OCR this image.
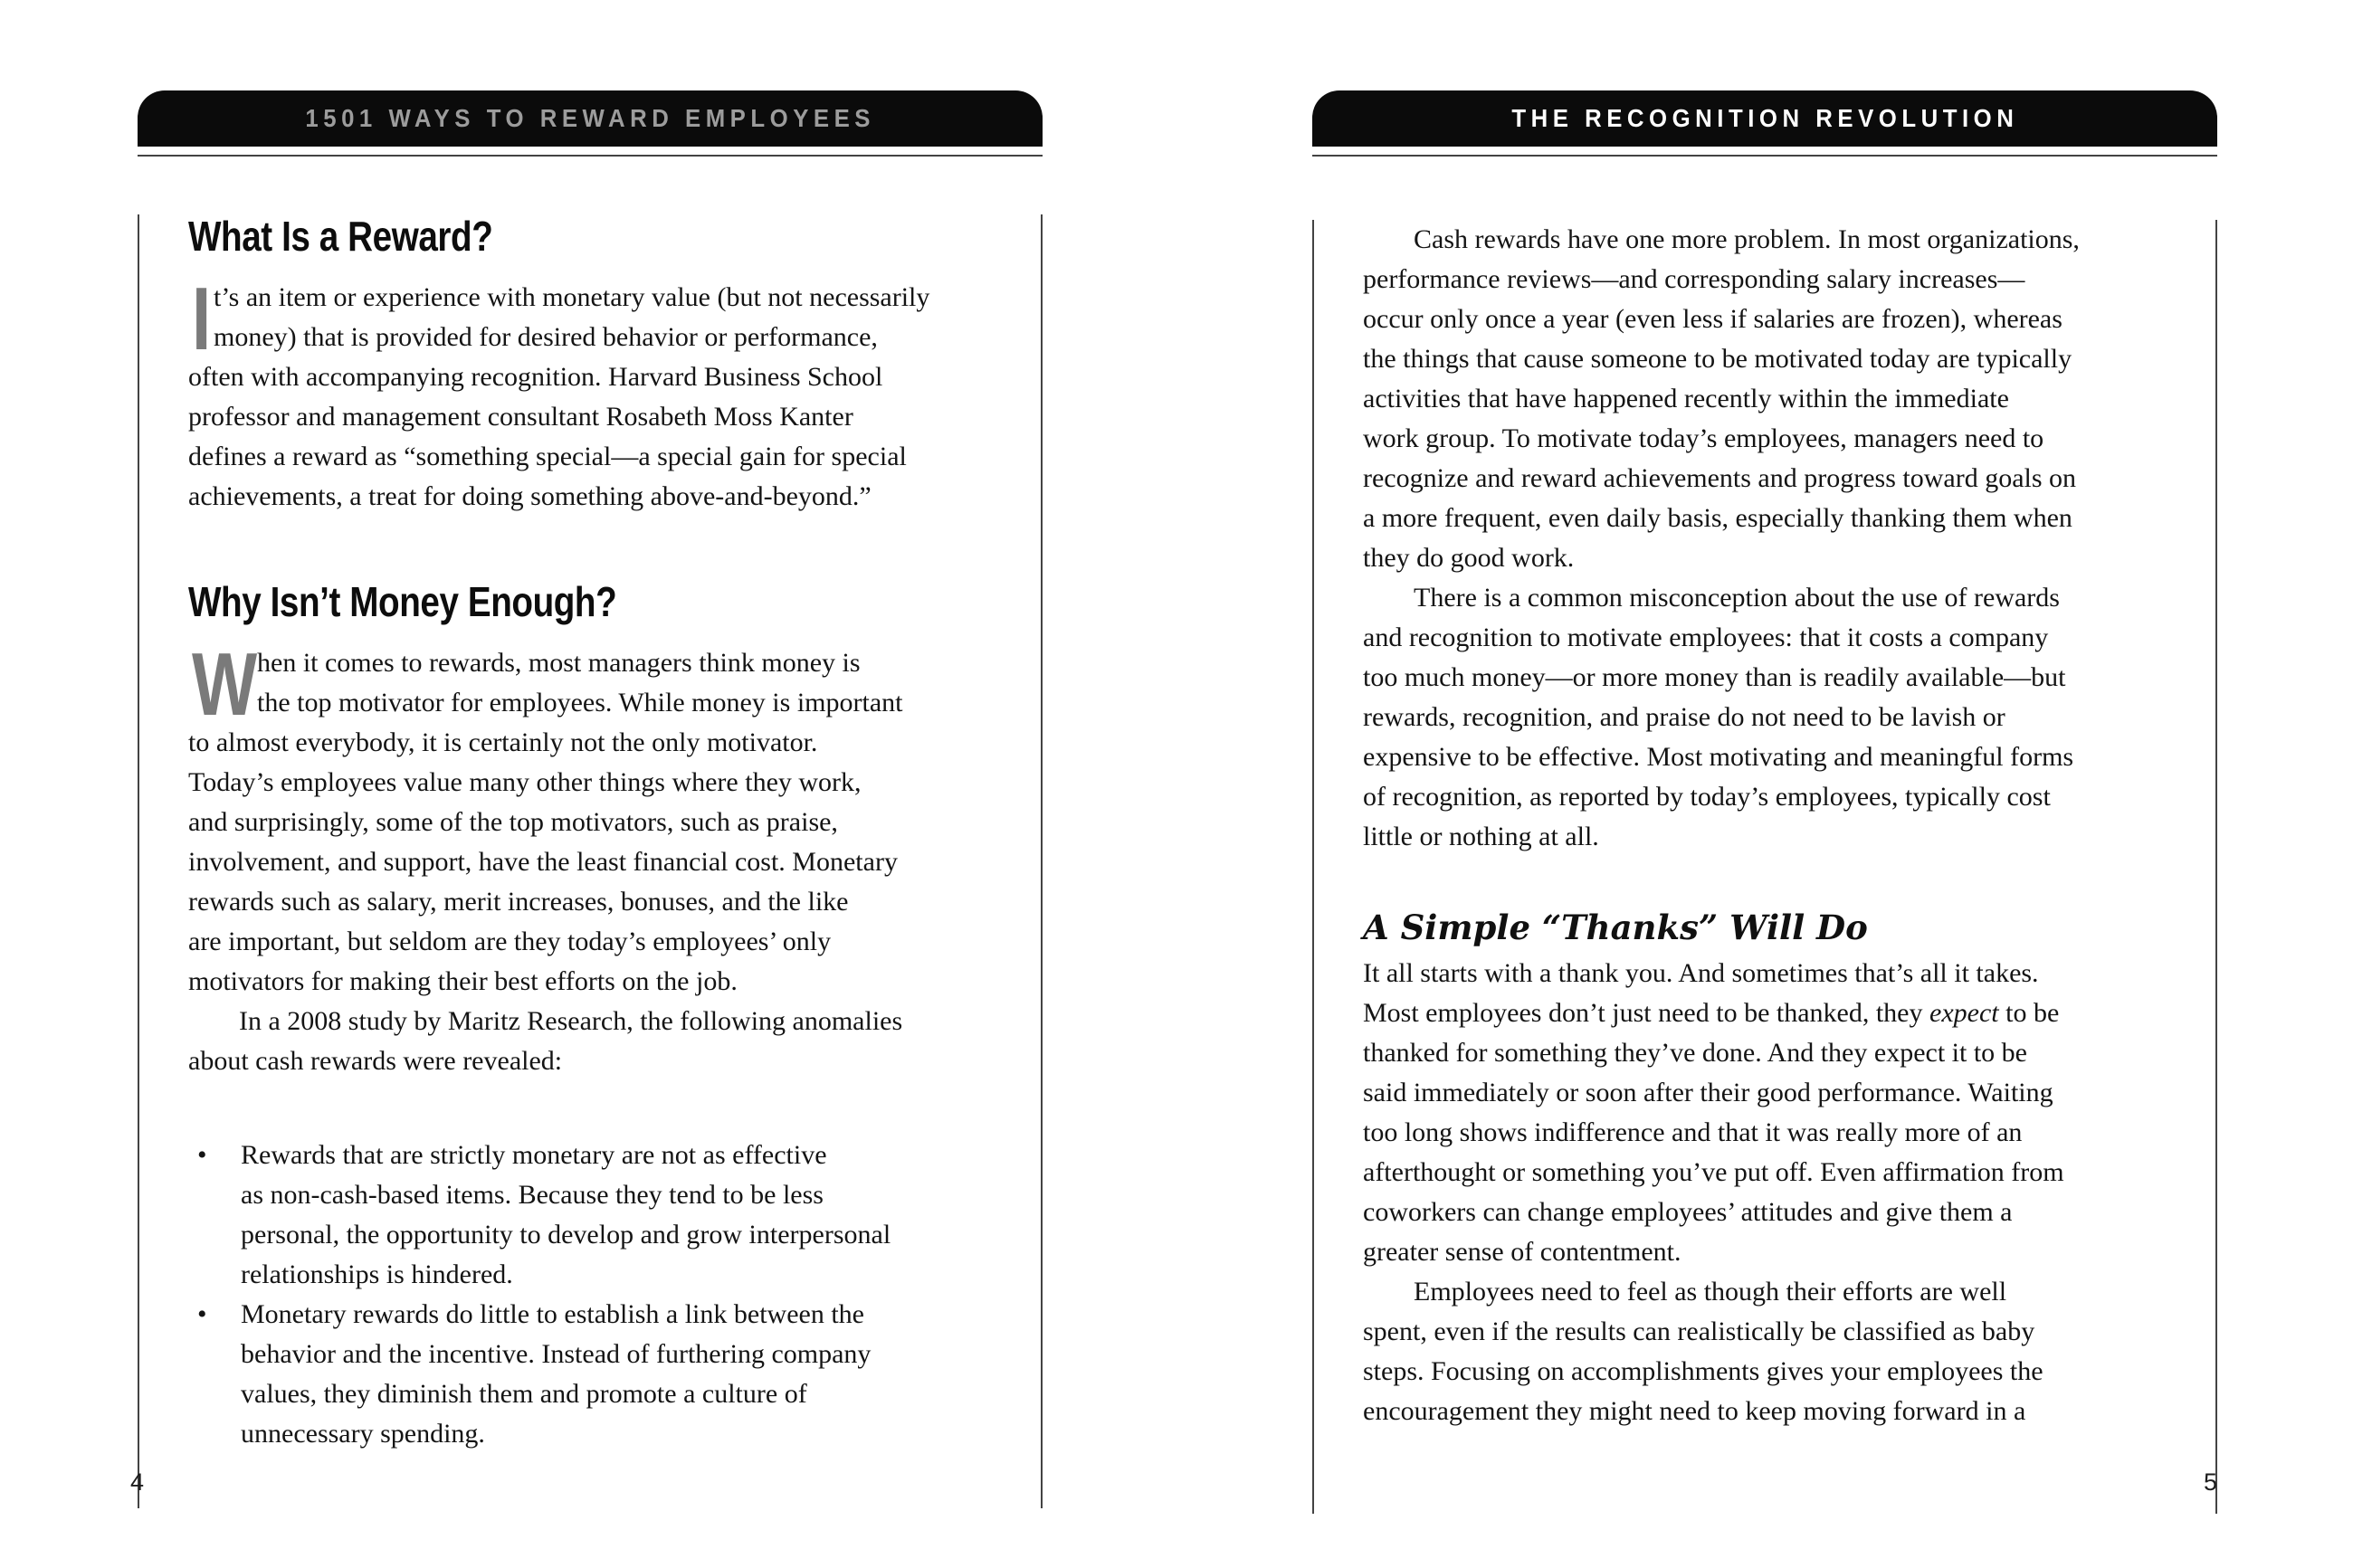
1501 WAYS TO REWARD EMPLOYEES
What Is a Reward?
I t’s an item or experience with monetary value (but not necessarily
money) that is provided for desired behavior or performance,
often with accompanying recognition. Harvard Business School
professor and management consultant Rosabeth Moss Kanter
defines a reward as “something special—a special gain for special
achievements, a treat for doing something above-and-beyond.”
Why Isn’t Money Enough?
W hen it comes to rewards, most managers think money is
the top motivator for employees. While money is important
to almost everybody, it is certainly not the only motivator.
Today’s employees value many other things where they work,
and surprisingly, some of the top motivators, such as praise,
involvement, and support, have the least financial cost. Monetary
rewards such as salary, merit increases, bonuses, and the like
are important, but seldom are they today’s employees’ only
motivators for making their best efforts on the job.
In a 2008 study by Maritz Research, the following anomalies
about cash rewards were revealed:
• Rewards that are strictly monetary are not as effective
as non-cash-based items. Because they tend to be less
personal, the opportunity to develop and grow interpersonal
relationships is hindered.
• Monetary rewards do little to establish a link between the
behavior and the incentive. Instead of furthering company
values, they diminish them and promote a culture of
unnecessary spending.
4
THE RECOGNITION REVOLUTION
Cash rewards have one more problem. In most organizations,
performance reviews—and corresponding salary increases—
occur only once a year (even less if salaries are frozen), whereas
the things that cause someone to be motivated today are typically
activities that have happened recently within the immediate
work group. To motivate today’s employees, managers need to
recognize and reward achievements and progress toward goals on
a more frequent, even daily basis, especially thanking them when
they do good work.
There is a common misconception about the use of rewards
and recognition to motivate employees: that it costs a company
too much money—or more money than is readily available—but
rewards, recognition, and praise do not need to be lavish or
expensive to be effective. Most motivating and meaningful forms
of recognition, as reported by today’s employees, typically cost
little or nothing at all.
A Simple “Thanks” Will Do
It all starts with a thank you. And sometimes that’s all it takes.
Most employees don’t just need to be thanked, they expect to be
thanked for something they’ve done. And they expect it to be
said immediately or soon after their good performance. Waiting
too long shows indifference and that it was really more of an
afterthought or something you’ve put off. Even affirmation from
coworkers can change employees’ attitudes and give them a
greater sense of contentment.
Employees need to feel as though their efforts are well
spent, even if the results can realistically be classified as baby
steps. Focusing on accomplishments gives your employees the
encouragement they might need to keep moving forward in a
5
